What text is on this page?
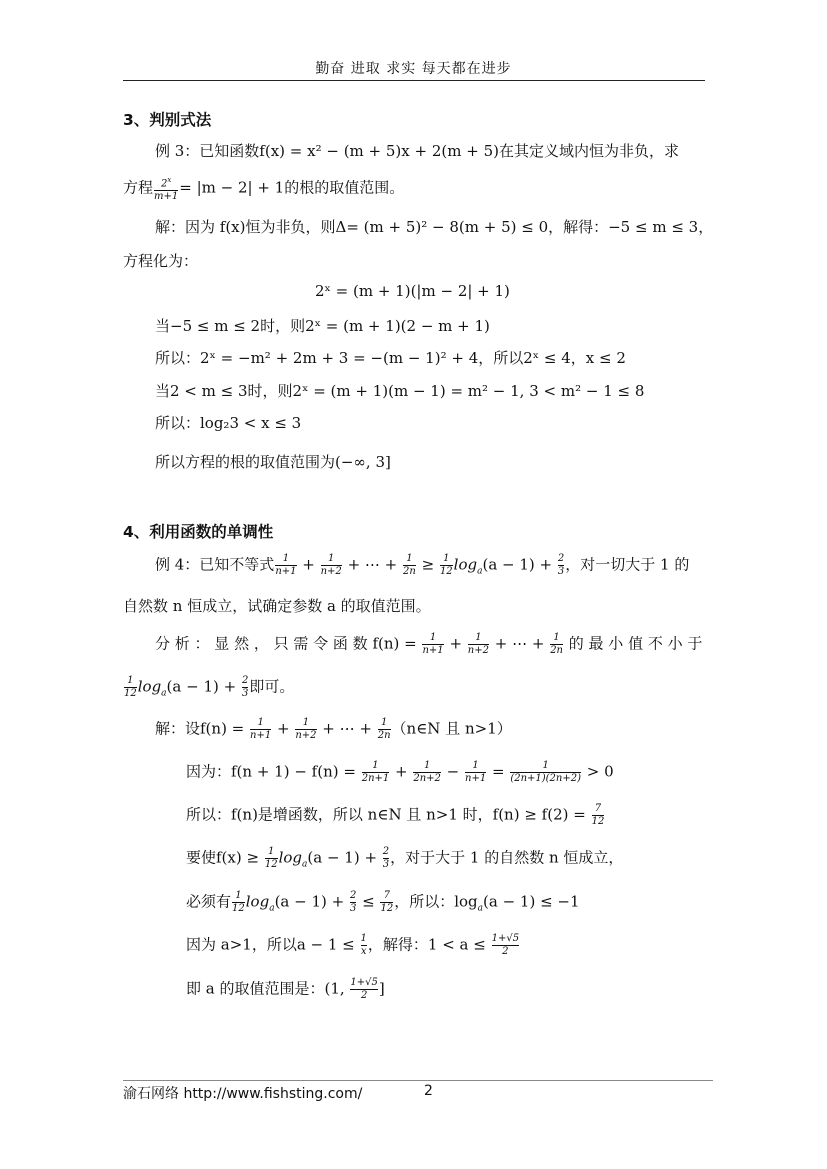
勤奋 进取 求实 每天都在进步
3、判别式法
例 3：已知函数f(x) = x² − (m + 5)x + 2(m + 5)在其定义域内恒为非负，求
方程 $\frac{2^x}{m+1} = |m - 2| + 1$的根的取值范围。
解：因为 f(x)恒为非负，则Δ= (m + 5)² − 8(m + 5) ≤ 0，解得：−5 ≤ m ≤ 3，
方程化为：
2ˣ = (m + 1)(|m − 2| + 1)
当−5 ≤ m ≤ 2时，则2ˣ = (m + 1)(2 − m + 1)
所以：2ˣ = −m² + 2m + 3 = −(m − 1)² + 4，所以2ˣ ≤ 4，x ≤ 2
当2 < m ≤ 3时，则2ˣ = (m + 1)(m − 1) = m² − 1, 3 < m² − 1 ≤ 8
所以：log₂3 < x ≤ 3
所以方程的根的取值范围为(−∞, 3]
4、利用函数的单调性
例 4：已知不等式 $\frac{1}{n+1} + \frac{1}{n+2}$ + ⋯ + $\frac{1}{2n} \ge \frac{1}{12} \log_a(a - 1) + \frac{2}{3}$ ，对一切大于 1 的
自然数 n 恒成立，试确定参数 a 的取值范围。
分 析 ： 显 然 ， 只 需 令 函 数 $f(n) = \frac{1}{n+1} + \frac{1}{n+2}$ + ⋯ + $\frac{1}{2n}$ 的 最 小 值 不 小 于
$\frac{1}{12} \log_a(a - 1) + \frac{2}{3}$ 即可。
解：设$f(n) = \frac{1}{n+1} + \frac{1}{n+2}$ + ⋯ + $\frac{1}{2n}$ （n∈N 且 n>1）
因为：$f(n + 1) - f(n) = \frac{1}{2n+1} + \frac{1}{2n+2} - \frac{1}{n+1} = \frac{1}{(2n+1)(2n+2)} > 0$
所以：f(n)是增函数，所以 n∈N 且 n>1 时，$f(n) \ge f(2) = \frac{7}{12}$
要使$f(x) \ge \frac{1}{12} \log_a(a - 1) + \frac{2}{3}$ ，对于大于 1 的自然数 n 恒成立，
必须有 $\frac{1}{12} \log_a(a - 1) + \frac{2}{3} \le \frac{7}{12}$ ，所以：$\log_a(a - 1) \le -1$
因为 a>1，所以$a - 1 \le \frac{1}{x}$ ，解得：$1 < a \le \frac{1+√5}{2}$
即 a 的取值范围是：(1, $\frac{1+√5}{2}$ ]
渝石网络 http://www.fishsting.com/	2
